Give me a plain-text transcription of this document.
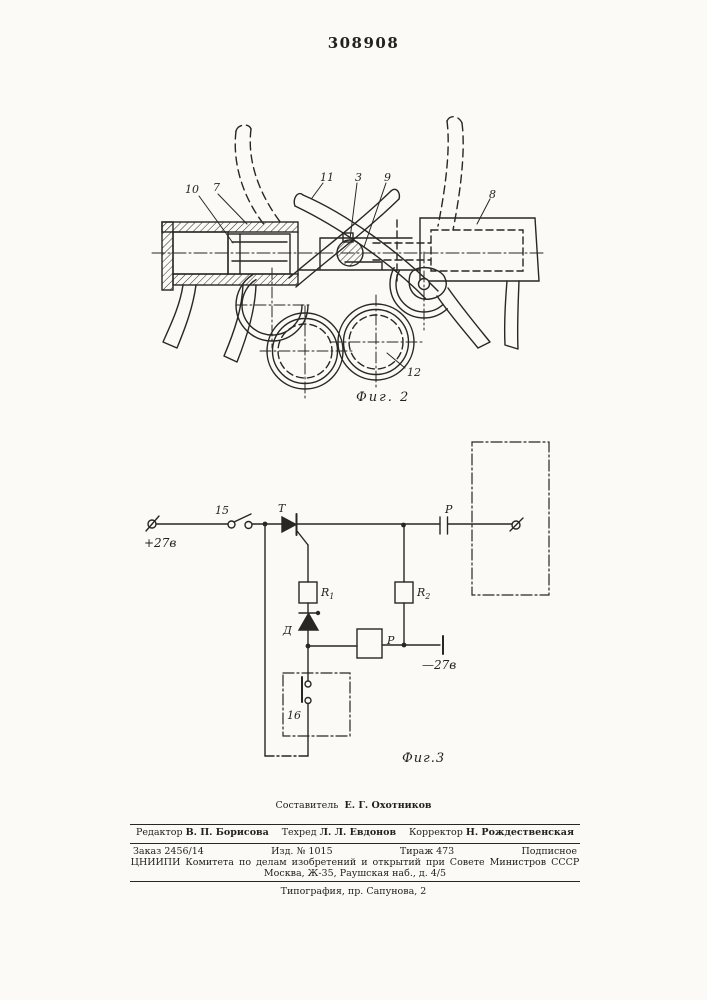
308908
10 7
11 3 9
8
12
Фиг. 2
+27в
15	Т	Р
$R_1$	$R_2$
Д
Р
—27в
16
Фиг.3
Составитель Е. Г. Охотников
Редактор В. П. Борисова Техред Л. Л. Евдонов Корректор Н. Рождественская
Заказ 2456/14	Изд. № 1015	Тираж 473	Подписное
ЦНИИПИ Комитета по делам изобретений и открытий при Совете Министров СССР
Москва, Ж-35, Раушская наб., д. 4/5
Типография, пр. Сапунова, 2
